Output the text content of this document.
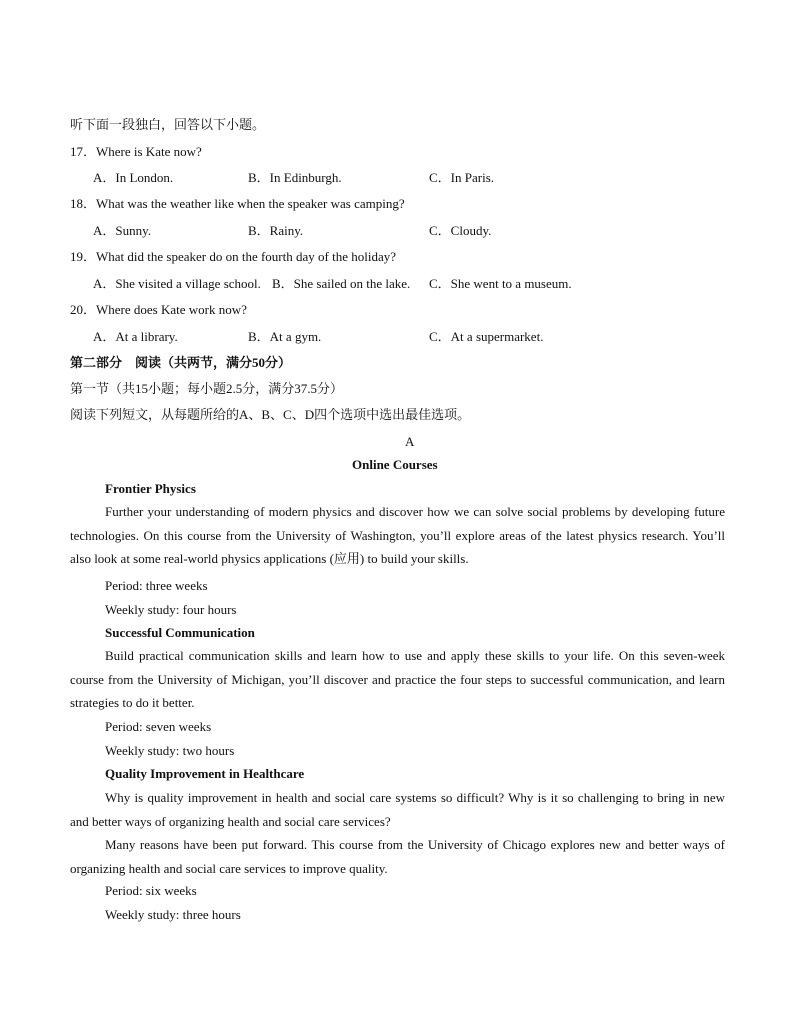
听下面一段独白，回答以下小题。
17．Where is Kate now?
A．In London.	B．In Edinburgh.	C．In Paris.
18．What was the weather like when the speaker was camping?
A．Sunny.	B．Rainy.	C．Cloudy.
19．What did the speaker do on the fourth day of the holiday?
A．She visited a village school. B．She sailed on the lake. C．She went to a museum.
20．Where does Kate work now?
A．At a library.	B．At a gym.	C．At a supermarket.
第二部分　阅读（共两节，满分50分）
第一节（共15小题；每小题2.5分，满分37.5分）
阅读下列短文，从每题所给的A、B、C、D四个选项中选出最佳选项。
A
Online Courses
Frontier Physics
Further your understanding of modern physics and discover how we can solve social problems by developing future technologies. On this course from the University of Washington, you’ll explore areas of the latest physics research. You’ll also look at some real-world physics applications (应用) to build your skills.
Period: three weeks
Weekly study: four hours
Successful Communication
Build practical communication skills and learn how to use and apply these skills to your life. On this seven-week course from the University of Michigan, you’ll discover and practice the four steps to successful communication, and learn strategies to do it better.
Period: seven weeks
Weekly study: two hours
Quality Improvement in Healthcare
Why is quality improvement in health and social care systems so difficult? Why is it so challenging to bring in new and better ways of organizing health and social care services?
Many reasons have been put forward. This course from the University of Chicago explores new and better ways of organizing health and social care services to improve quality.
Period: six weeks
Weekly study: three hours
